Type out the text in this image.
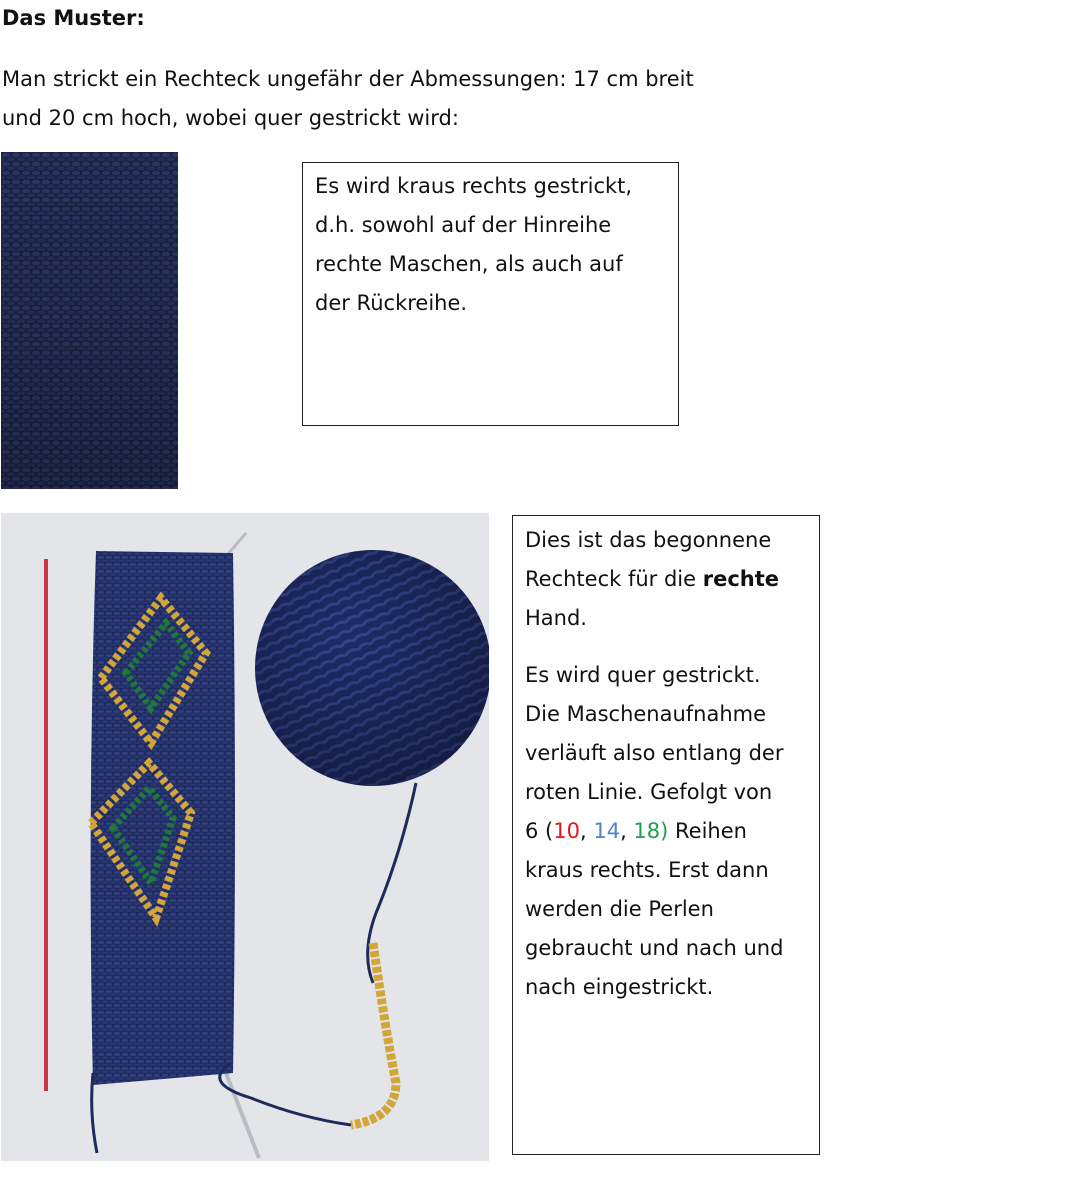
Das Muster:
Man strickt ein Rechteck ungefähr der Abmessungen: 17 cm breit
und 20 cm hoch, wobei quer gestrickt wird:
Es wird kraus rechts gestrickt,
d.h. sowohl auf der Hinreihe
rechte Maschen, als auch auf
der Rückreihe.
Dies ist das begonnene
Rechteck für die rechte
Hand.
Es wird quer gestrickt.
Die Maschenaufnahme
verläuft also entlang der
roten Linie. Gefolgt von
6 (10, 14, 18) Reihen
kraus rechts. Erst dann
werden die Perlen
gebraucht und nach und
nach eingestrickt.
